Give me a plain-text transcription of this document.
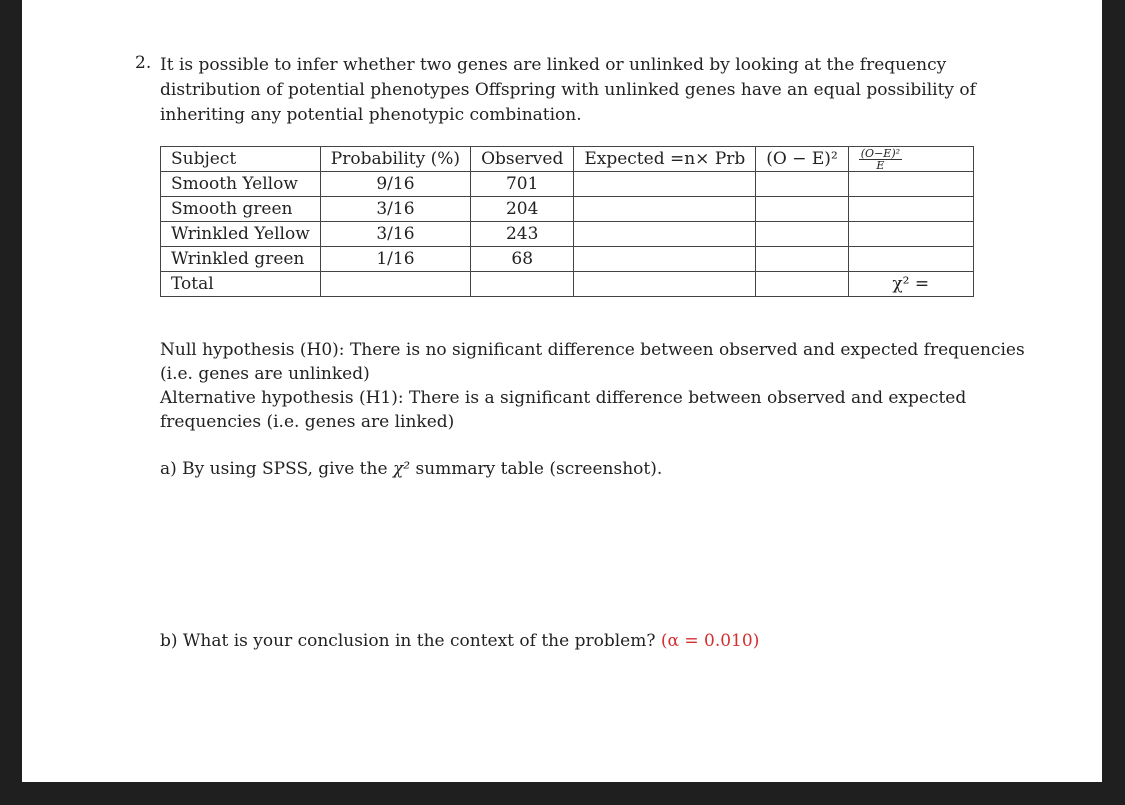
2. It is possible to infer whether two genes are linked or unlinked by looking at the frequency distribution of potential phenotypes Offspring with unlinked genes have an equal possibility of inheriting any potential phenotypic combination.
Subject	Probability (%)	Observed	Expected =n× Prb	(O − E)²	$\frac{\text{(O−E)²}}{E}$

Smooth Yellow	9/16	701			
Smooth green	3/16	204			
Wrinkled Yellow	3/16	243			
Wrinkled green	1/16	68			
Total					χ² =
Null hypothesis (H0): There is no significant difference between observed and expected frequencies (i.e. genes are unlinked)
Alternative hypothesis (H1): There is a significant difference between observed and expected frequencies (i.e. genes are linked)
a) By using SPSS, give the χ² summary table (screenshot).
b) What is your conclusion in the context of the problem? (α = 0.010)
